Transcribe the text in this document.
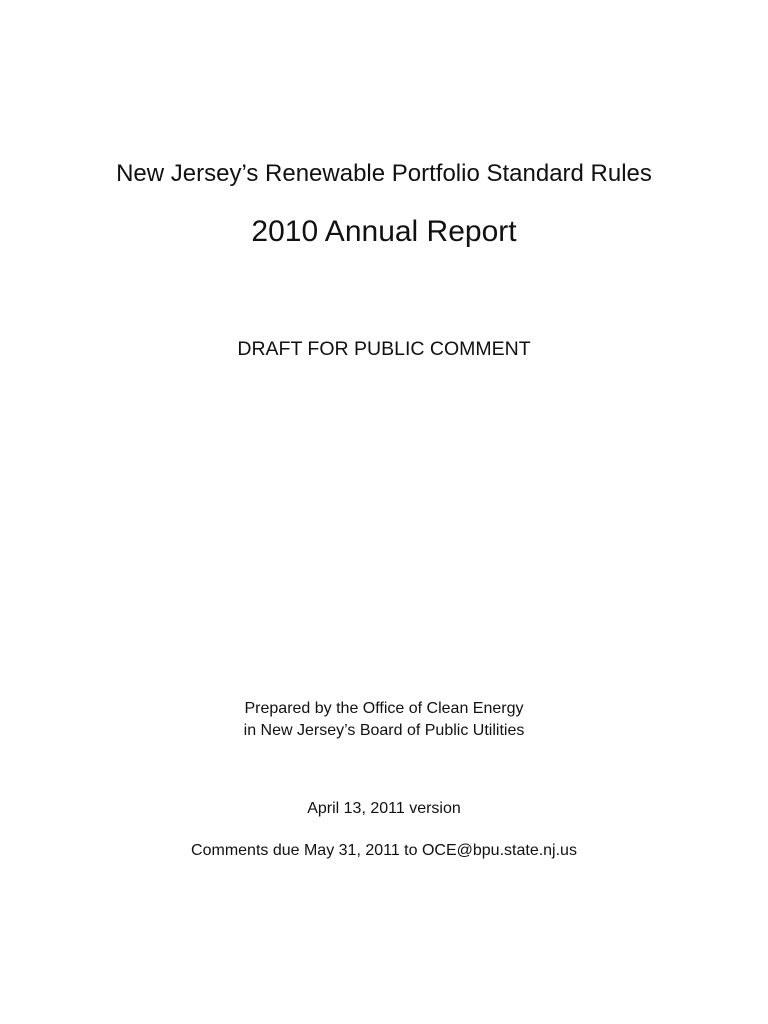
New Jersey’s Renewable Portfolio Standard Rules
2010 Annual Report
DRAFT FOR PUBLIC COMMENT
Prepared by the Office of Clean Energy
in New Jersey’s Board of Public Utilities
April 13, 2011 version
Comments due May 31, 2011 to OCE@bpu.state.nj.us
